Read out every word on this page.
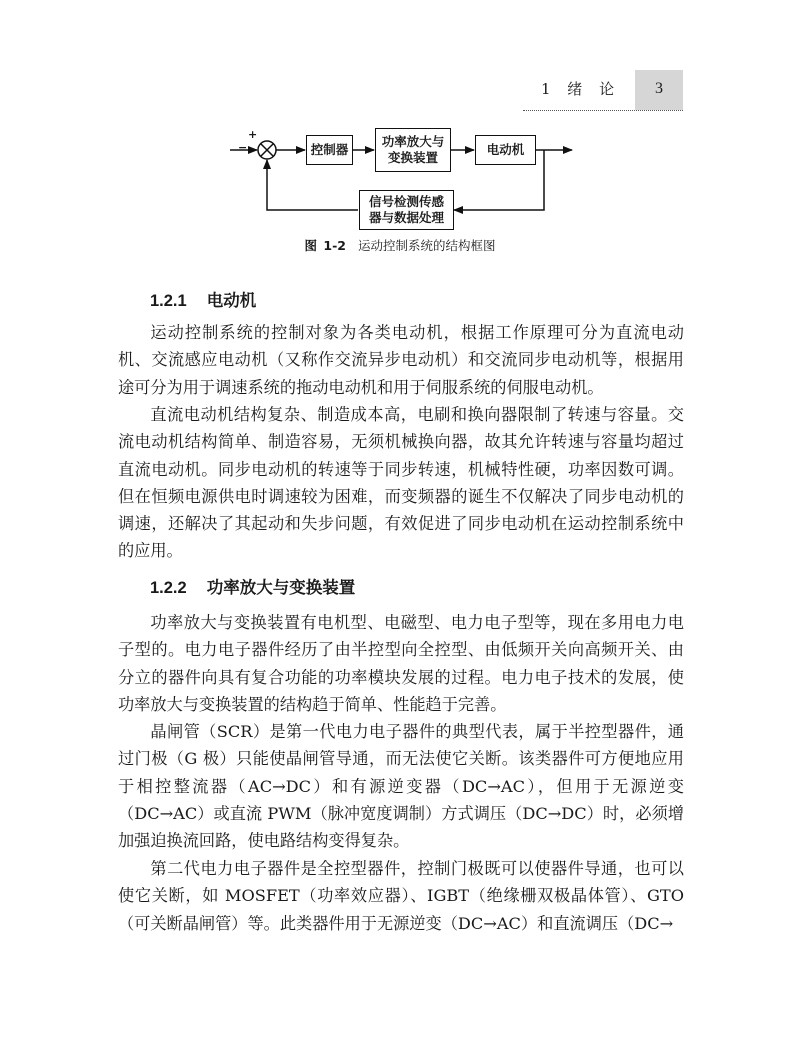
1 绪 论	3
+
−	控制器
功率放大与
变换装置
电动机
信号检测传感
器与数据处理
图 1-2 运动控制系统的结构框图
1.2.1 电动机

运动控制系统的控制对象为各类电动机，根据工作原理可分为直流电动机、交流感应电动机（又称作交流异步电动机）和交流同步电动机等，根据用途可分为用于调速系统的拖动电动机和用于伺服系统的伺服电动机。

直流电动机结构复杂、制造成本高，电刷和换向器限制了转速与容量。交流电动机结构简单、制造容易，无须机械换向器，故其允许转速与容量均超过直流电动机。同步电动机的转速等于同步转速，机械特性硬，功率因数可调。但在恒频电源供电时调速较为困难，而变频器的诞生不仅解决了同步电动机的调速，还解决了其起动和失步问题，有效促进了同步电动机在运动控制系统中的应用。

1.2.2 功率放大与变换装置

功率放大与变换装置有电机型、电磁型、电力电子型等，现在多用电力电子型的。电力电子器件经历了由半控型向全控型、由低频开关向高频开关、由分立的器件向具有复合功能的功率模块发展的过程。电力电子技术的发展，使功率放大与变换装置的结构趋于简单、性能趋于完善。

晶闸管（SCR）是第一代电力电子器件的典型代表，属于半控型器件，通过门极（G 极）只能使晶闸管导通，而无法使它关断。该类器件可方便地应用于相控整流器（AC→DC）和有源逆变器（DC→AC），但用于无源逆变（DC→AC）或直流 PWM（脉冲宽度调制）方式调压（DC→DC）时，必须增加强迫换流回路，使电路结构变得复杂。

第二代电力电子器件是全控型器件，控制门极既可以使器件导通，也可以使它关断，如 MOSFET（功率效应器）、IGBT（绝缘栅双极晶体管）、GTO（可关断晶闸管）等。此类器件用于无源逆变（DC→AC）和直流调压（DC→
